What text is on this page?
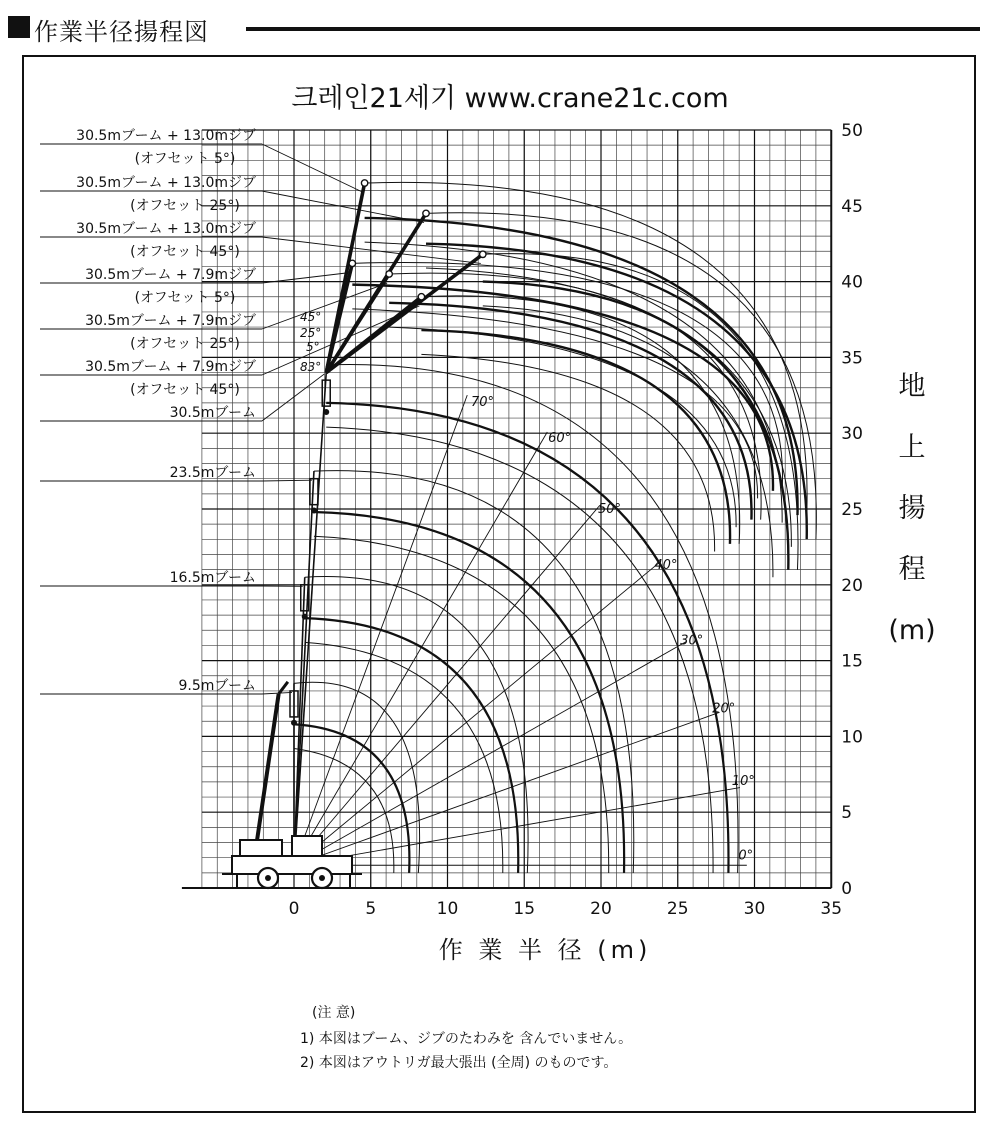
作業半径揚程図
0	5	10	15	20	25	30	35
0
5
10
15
20
25
30
35
40
45
50
크레인21세기 www.crane21c.com
作 業 半 径 (m)
地
上
揚
程
(m)
0°
10°
20°
30°
40°
50°
60°
70°
45°
25°
5°
83°
30.5mブーム + 13.0mジブ
(オフセット 5°)
30.5mブーム + 13.0mジブ
(オフセット 25°)
30.5mブーム + 13.0mジブ
(オフセット 45°)
30.5mブーム + 7.9mジブ
(オフセット 5°)
30.5mブーム + 7.9mジブ
(オフセット 25°)
30.5mブーム + 7.9mジブ
(オフセット 45°)
30.5mブーム
23.5mブーム
16.5mブーム
9.5mブーム
(注 意)
1) 本図はブーム、ジブのたわみを 含んでいません。
2) 本図はアウトリガ最大張出 (全周) のものです。
